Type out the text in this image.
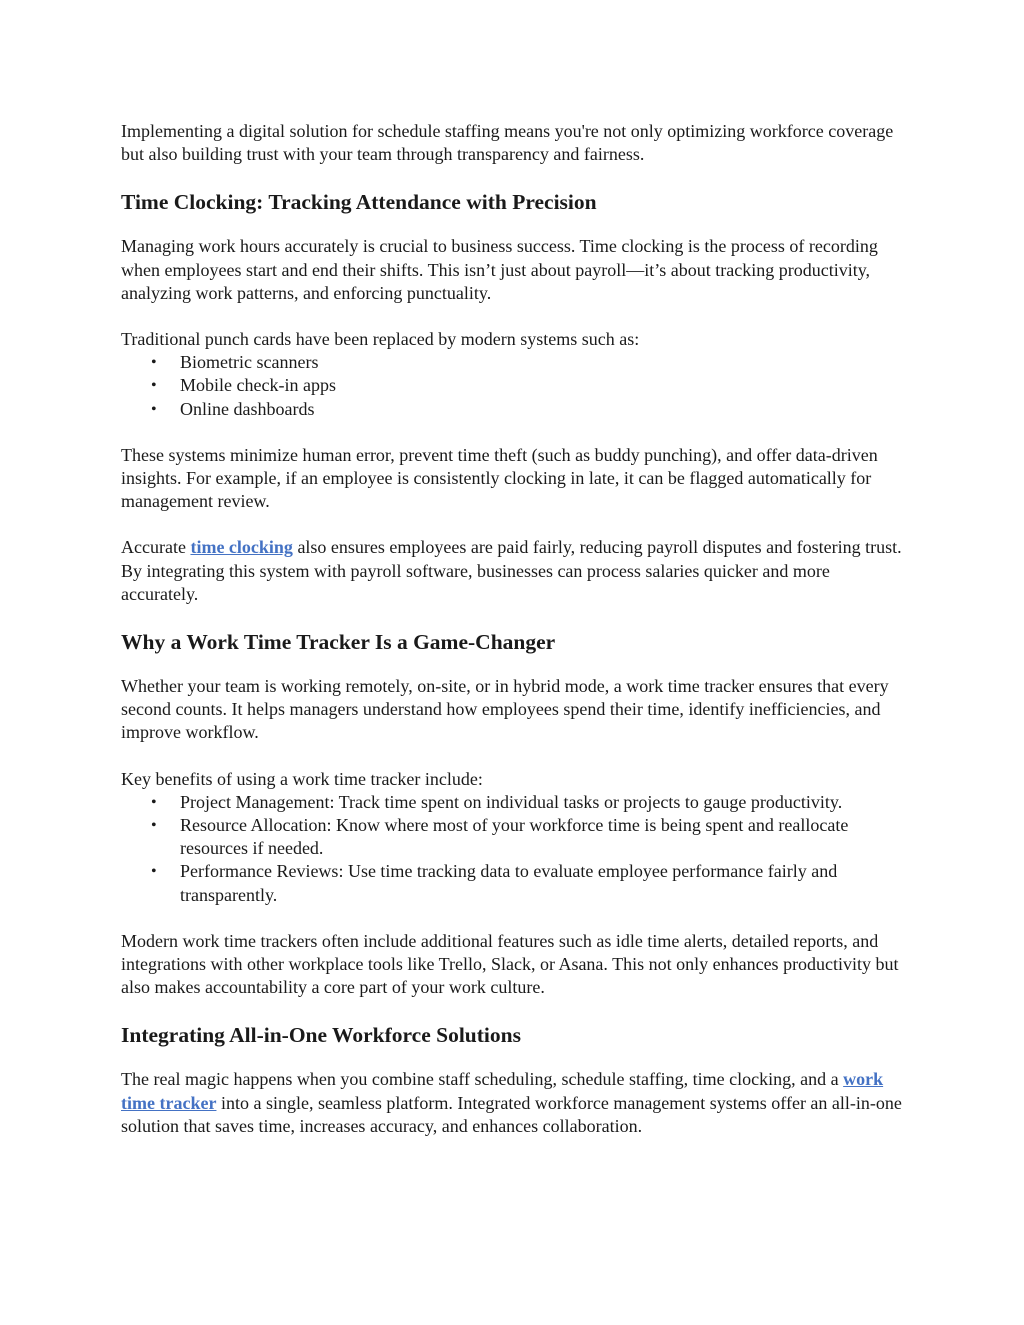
Implementing a digital solution for schedule staffing means you're not only optimizing workforce coverage but also building trust with your team through transparency and fairness.

Time Clocking: Tracking Attendance with Precision

Managing work hours accurately is crucial to business success. Time clocking is the process of recording when employees start and end their shifts. This isn’t just about payroll—it’s about tracking productivity, analyzing work patterns, and enforcing punctuality.

Traditional punch cards have been replaced by modern systems such as:

• Biometric scanners
• Mobile check-in apps
• Online dashboards

These systems minimize human error, prevent time theft (such as buddy punching), and offer data-driven insights. For example, if an employee is consistently clocking in late, it can be flagged automatically for management review.

Accurate time clocking also ensures employees are paid fairly, reducing payroll disputes and fostering trust. By integrating this system with payroll software, businesses can process salaries quicker and more accurately.

Why a Work Time Tracker Is a Game-Changer

Whether your team is working remotely, on-site, or in hybrid mode, a work time tracker ensures that every second counts. It helps managers understand how employees spend their time, identify inefficiencies, and improve workflow.

Key benefits of using a work time tracker include:

• Project Management: Track time spent on individual tasks or projects to gauge productivity.
• Resource Allocation: Know where most of your workforce time is being spent and reallocate resources if needed.
• Performance Reviews: Use time tracking data to evaluate employee performance fairly and transparently.

Modern work time trackers often include additional features such as idle time alerts, detailed reports, and integrations with other workplace tools like Trello, Slack, or Asana. This not only enhances productivity but also makes accountability a core part of your work culture.

Integrating All-in-One Workforce Solutions

The real magic happens when you combine staff scheduling, schedule staffing, time clocking, and a work time tracker into a single, seamless platform. Integrated workforce management systems offer an all-in-one solution that saves time, increases accuracy, and enhances collaboration.
